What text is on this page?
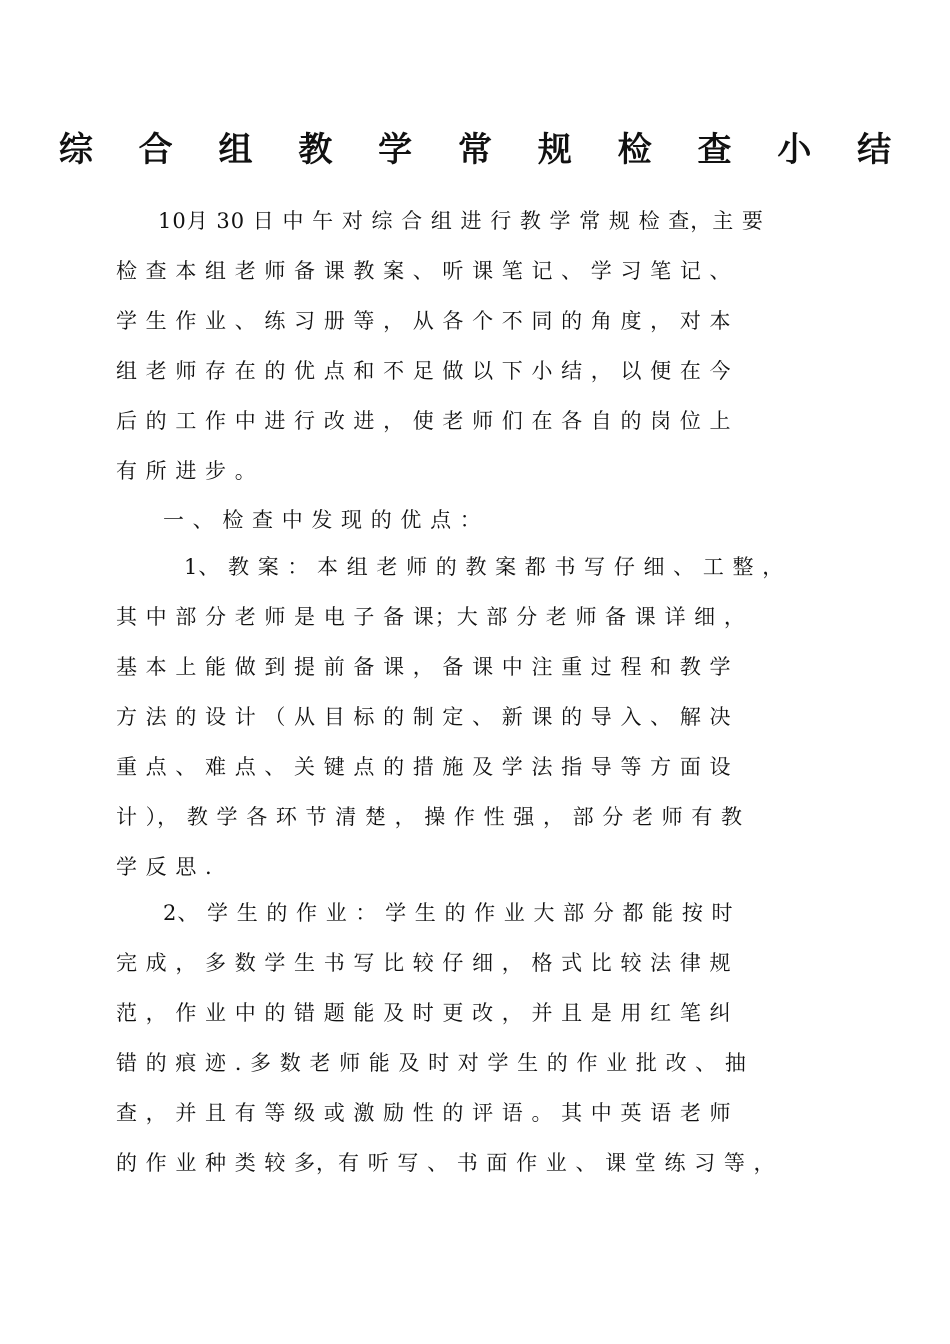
综 合 组 教 学 常 规 检 查 小 结
10月 30 日 中 午 对 综 合 组 进 行 教 学 常 规 检 查，主 要
检 查 本 组 老 师 备 课 教 案 、 听 课 笔 记 、 学 习 笔 记 、
学 生 作 业 、 练 习 册 等 ， 从 各 个 不 同 的 角 度 ， 对 本
组 老 师 存 在 的 优 点 和 不 足 做 以 下 小 结 ， 以 便 在 今
后 的 工 作 中 进 行 改 进 ， 使 老 师 们 在 各 自 的 岗 位 上
有 所 进 步 。
一 、 检 查 中 发 现 的 优 点 ：
1、 教 案 ： 本 组 老 师 的 教 案 都 书 写 仔 细 、 工 整 ，
其 中 部 分 老 师 是 电 子 备 课；大 部 分 老 师 备 课 详 细 ，
基 本 上 能 做 到 提 前 备 课 ， 备 课 中 注 重 过 程 和 教 学
方 法 的 设 计 （ 从 目 标 的 制 定 、 新 课 的 导 入 、 解 决
重 点 、 难 点 、 关 键 点 的 措 施 及 学 法 指 导 等 方 面 设
计 ）， 教 学 各 环 节 清 楚 ， 操 作 性 强 ， 部 分 老 师 有 教
学 反 思 .
2、 学 生 的 作 业 ： 学 生 的 作 业 大 部 分 都 能 按 时
完 成 ， 多 数 学 生 书 写 比 较 仔 细 ， 格 式 比 较 法 律 规
范 ， 作 业 中 的 错 题 能 及 时 更 改 ， 并 且 是 用 红 笔 纠
错 的 痕 迹 . 多 数 老 师 能 及 时 对 学 生 的 作 业 批 改 、 抽
查 ， 并 且 有 等 级 或 激 励 性 的 评 语 。 其 中 英 语 老 师
的 作 业 种 类 较 多，有 听 写 、 书 面 作 业 、 课 堂 练 习 等 ，
